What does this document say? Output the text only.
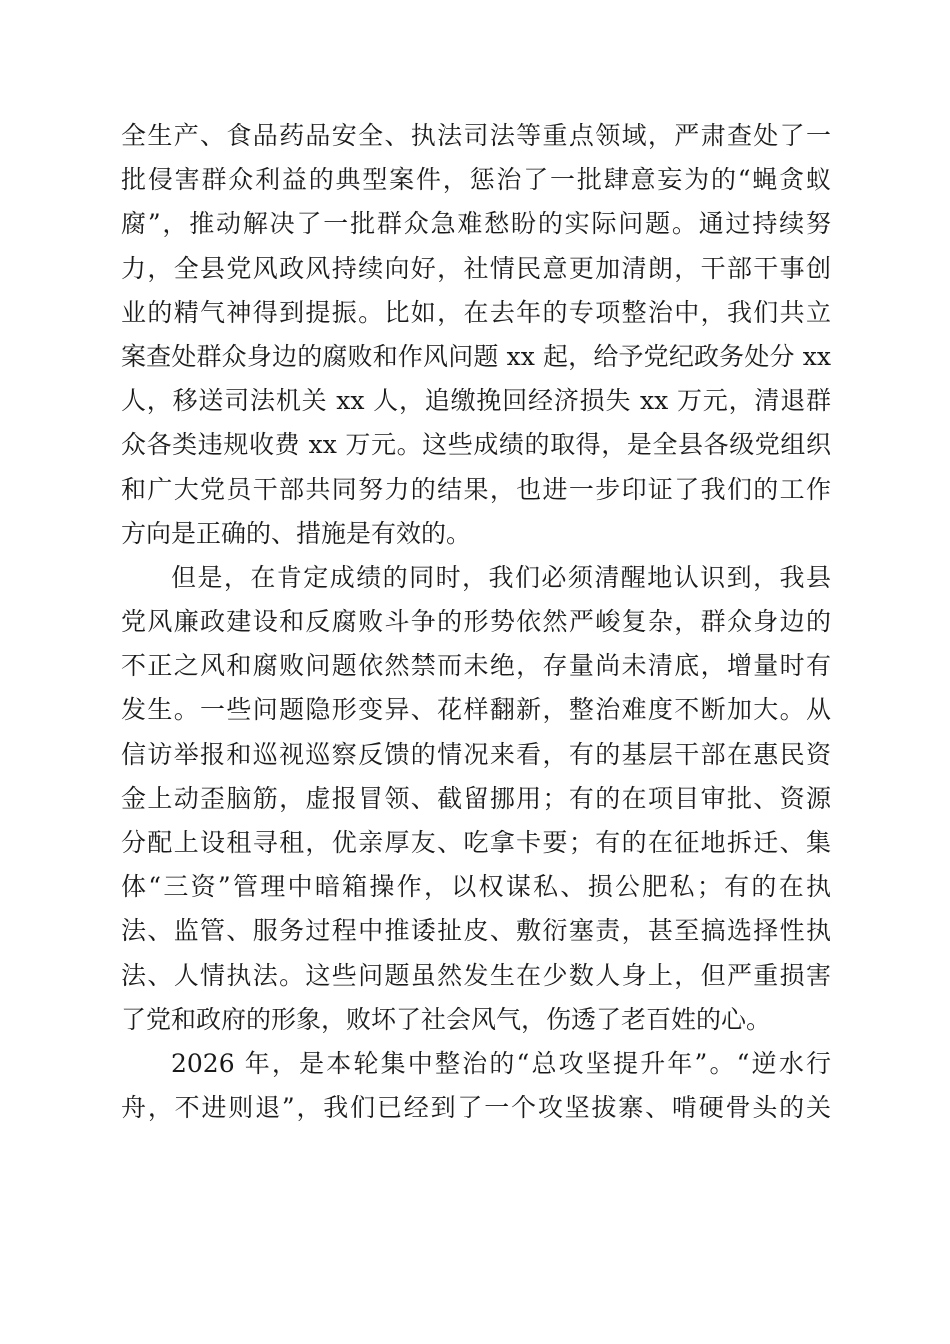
全生产、食品药品安全、执法司法等重点领域，严肃查处了一
批侵害群众利益的典型案件，惩治了一批肆意妄为的“蝇贪蚁
腐”，推动解决了一批群众急难愁盼的实际问题。通过持续努
力，全县党风政风持续向好，社情民意更加清朗，干部干事创
业的精气神得到提振。比如，在去年的专项整治中，我们共立
案查处群众身边的腐败和作风问题 xx 起，给予党纪政务处分 xx
人，移送司法机关 xx 人，追缴挽回经济损失 xx 万元，清退群
众各类违规收费 xx 万元。这些成绩的取得，是全县各级党组织
和广大党员干部共同努力的结果，也进一步印证了我们的工作
方向是正确的、措施是有效的。
但是，在肯定成绩的同时，我们必须清醒地认识到，我县
党风廉政建设和反腐败斗争的形势依然严峻复杂，群众身边的
不正之风和腐败问题依然禁而未绝，存量尚未清底，增量时有
发生。一些问题隐形变异、花样翻新，整治难度不断加大。从
信访举报和巡视巡察反馈的情况来看，有的基层干部在惠民资
金上动歪脑筋，虚报冒领、截留挪用；有的在项目审批、资源
分配上设租寻租，优亲厚友、吃拿卡要；有的在征地拆迁、集
体“三资”管理中暗箱操作，以权谋私、损公肥私；有的在执
法、监管、服务过程中推诿扯皮、敷衍塞责，甚至搞选择性执
法、人情执法。这些问题虽然发生在少数人身上，但严重损害
了党和政府的形象，败坏了社会风气，伤透了老百姓的心。
2026 年，是本轮集中整治的“总攻坚提升年”。“逆水行
舟，不进则退”，我们已经到了一个攻坚拔寨、啃硬骨头的关
